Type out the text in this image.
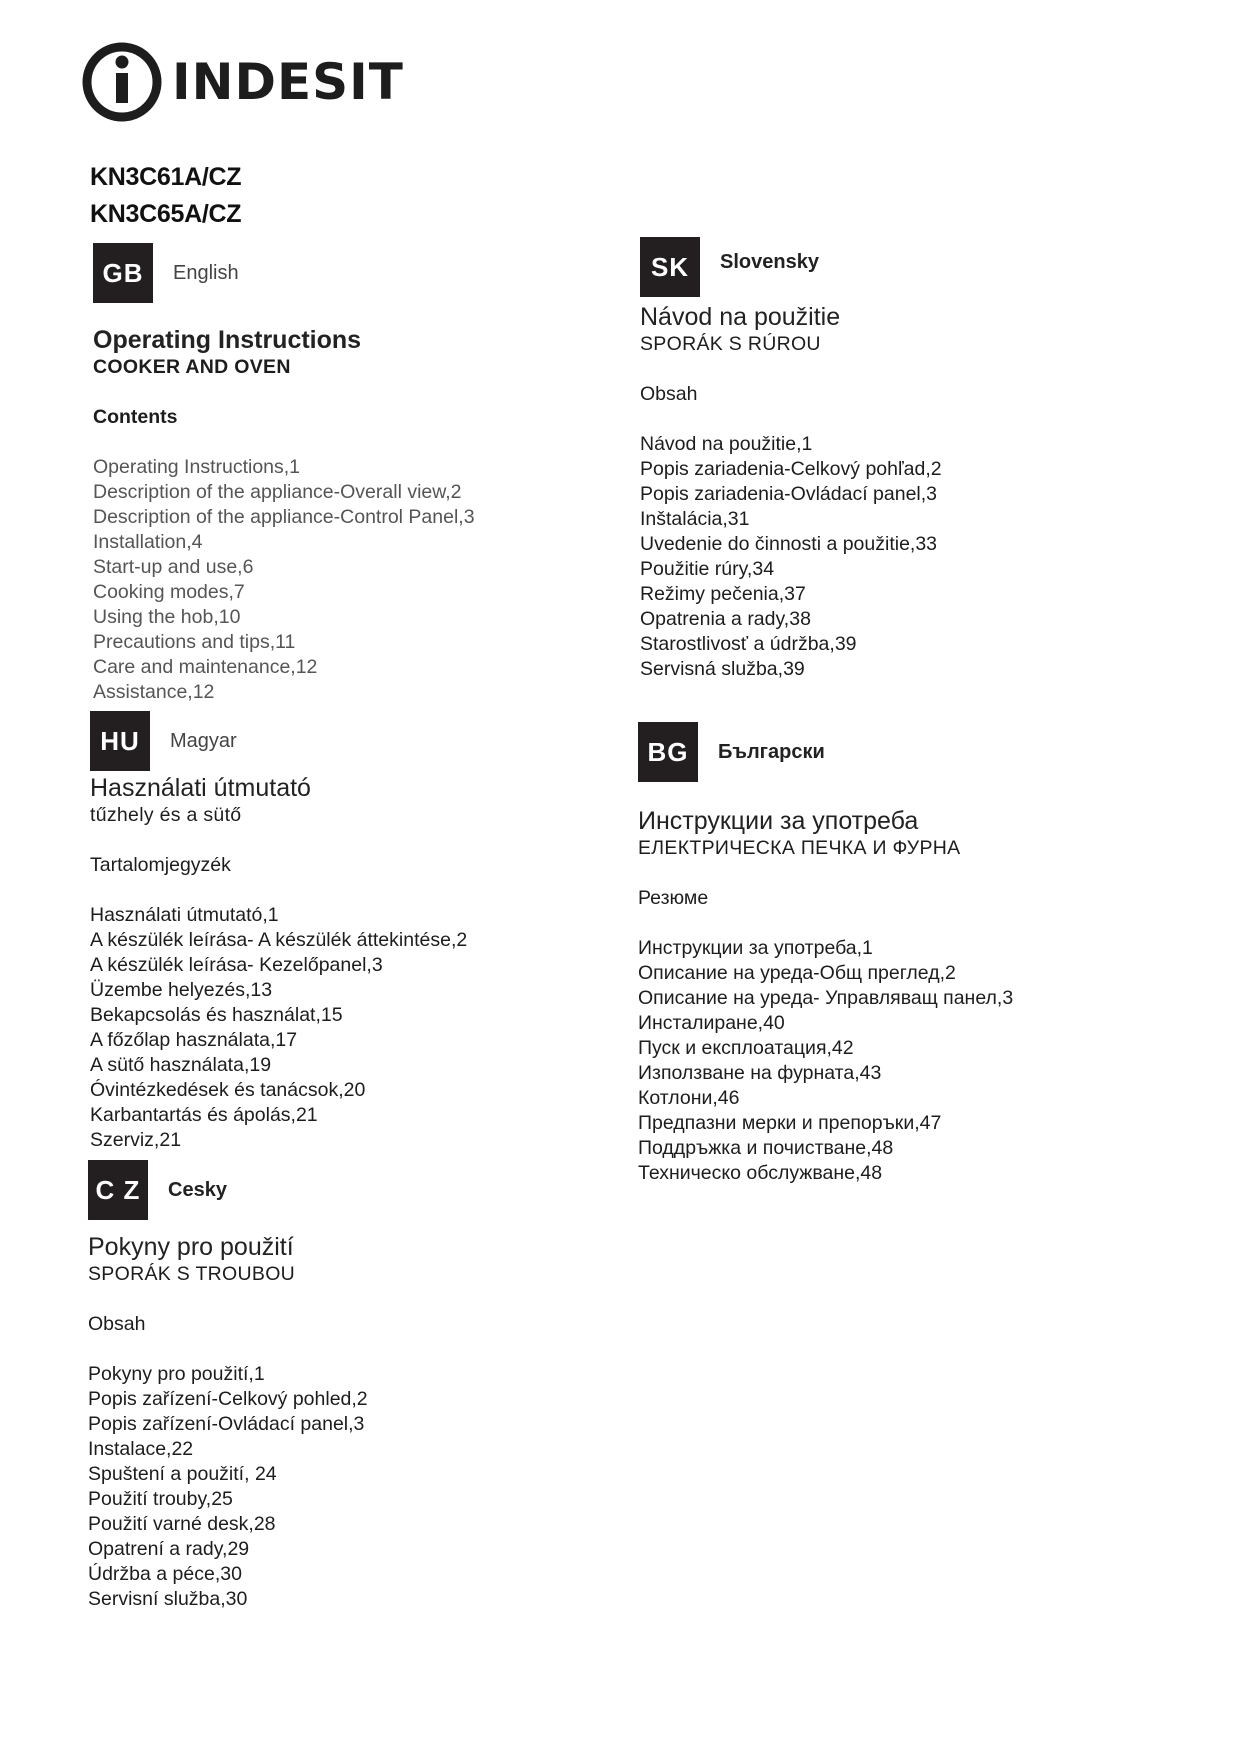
INDESIT
KN3C61A/CZ
KN3C65A/CZ
GB	English
Operating Instructions
COOKER AND OVEN
Contents
Operating Instructions,1
Description of the appliance-Overall view,2
Description of the appliance-Control Panel,3
Installation,4
Start-up and use,6
Cooking modes,7
Using the hob,10
Precautions and tips,11
Care and maintenance,12
Assistance,12
HU	Magyar
Használati útmutató
tűzhely és a sütő
Tartalomjegyzék
Használati útmutató,1
A készülék leírása- A készülék áttekintése,2
A készülék leírása- Kezelőpanel,3
Üzembe helyezés,13
Bekapcsolás és használat,15
A főzőlap használata,17
A sütő használata,19
Óvintézkedések és tanácsok,20
Karbantartás és ápolás,21
Szerviz,21
C Z	Cesky
Pokyny pro použití
SPORÁK S TROUBOU
Obsah
Pokyny pro použití,1
Popis zařízení-Celkový pohled,2
Popis zařízení-Ovládací panel,3
Instalace,22
Spuštení a použití, 24
Použití trouby,25
Použití varné desk,28
Opatrení a rady,29
Údržba a péce,30
Servisní služba,30
SK	Slovensky
Návod na použitie
SPORÁK S RÚROU
Obsah
Návod na použitie,1
Popis zariadenia-Celkový pohľad,2
Popis zariadenia-Ovládací panel,3
Inštalácia,31
Uvedenie do činnosti a použitie,33
Použitie rúry,34
Režimy pečenia,37
Opatrenia a rady,38
Starostlivosť a údržba,39
Servisná služba,39
BG	Български
Инструкции за употреба
ЕЛЕКТРИЧЕСКА ПЕЧКА И ФУРНА
Резюме
Инструкции за употреба,1
Описание на уреда-Общ преглед,2
Описание на уреда- Управляващ панел,3
Инсталиране,40
Пуск и експлоатация,42
Използване на фурната,43
Котлони,46
Предпазни мерки и препоръки,47
Поддръжка и почистване,48
Техническо обслужване,48
